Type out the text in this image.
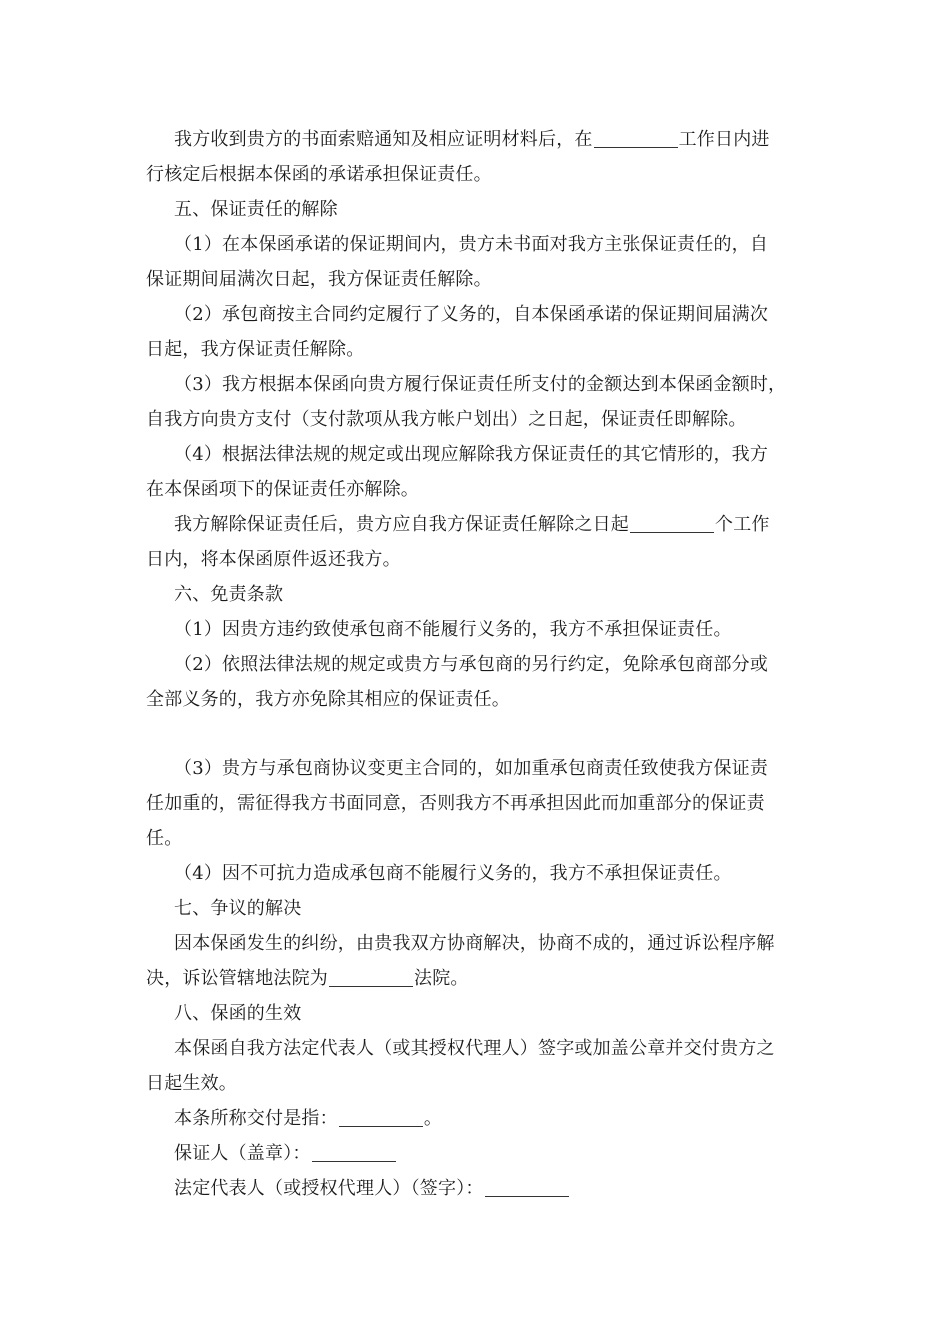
我方收到贵方的书面索赔通知及相应证明材料后，在	工作日内进
行核定后根据本保函的承诺承担保证责任。
五、保证责任的解除
（1）在本保函承诺的保证期间内，贵方未书面对我方主张保证责任的，自
保证期间届满次日起，我方保证责任解除。
（2）承包商按主合同约定履行了义务的，自本保函承诺的保证期间届满次
日起，我方保证责任解除。
（3）我方根据本保函向贵方履行保证责任所支付的金额达到本保函金额时，
自我方向贵方支付（支付款项从我方帐户划出）之日起，保证责任即解除。
（4）根据法律法规的规定或出现应解除我方保证责任的其它情形的，我方
在本保函项下的保证责任亦解除。
我方解除保证责任后，贵方应自我方保证责任解除之日起	个工作
日内，将本保函原件返还我方。
六、免责条款
（1）因贵方违约致使承包商不能履行义务的，我方不承担保证责任。
（2）依照法律法规的规定或贵方与承包商的另行约定，免除承包商部分或
全部义务的，我方亦免除其相应的保证责任。
（3）贵方与承包商协议变更主合同的，如加重承包商责任致使我方保证责
任加重的，需征得我方书面同意，否则我方不再承担因此而加重部分的保证责
任。
（4）因不可抗力造成承包商不能履行义务的，我方不承担保证责任。
七、争议的解决
因本保函发生的纠纷，由贵我双方协商解决，协商不成的，通过诉讼程序解
决，诉讼管辖地法院为	法院。
八、保函的生效
本保函自我方法定代表人（或其授权代理人）签字或加盖公章并交付贵方之
日起生效。
本条所称交付是指：	。
保证人（盖章）：
法定代表人（或授权代理人）（签字）：
